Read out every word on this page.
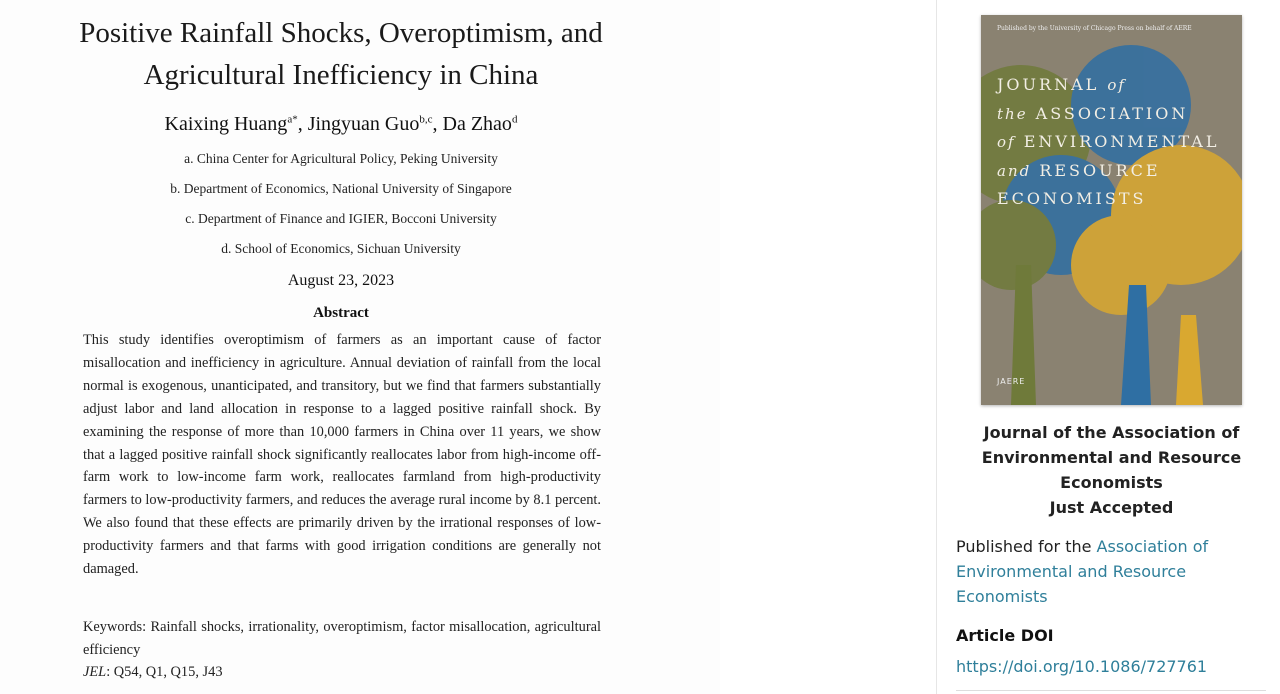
Positive Rainfall Shocks, Overoptimism, and
Agricultural Inefficiency in China
Kaixing Huang$^{a*}$, Jingyuan Guo$^{b,c}$, Da Zhao$^d$
a. China Center for Agricultural Policy, Peking University
b. Department of Economics, National University of Singapore
c. Department of Finance and IGIER, Bocconi University
d. School of Economics, Sichuan University
August 23, 2023
Abstract
This study identifies overoptimism of farmers as an important cause of factor misallocation and inefficiency in agriculture. Annual deviation of rainfall from the local normal is exogenous, unanticipated, and transitory, but we find that farmers substantially adjust labor and land allocation in response to a lagged positive rainfall shock. By examining the response of more than 10,000 farmers in China over 11 years, we show that a lagged positive rainfall shock significantly reallocates labor from high-income off-farm work to low-income farm work, reallocates farmland from high-productivity farmers to low-productivity farmers, and reduces the average rural income by 8.1 percent. We also found that these effects are primarily driven by the irrational responses of low-productivity farmers and that farms with good irrigation conditions are generally not damaged.
Keywords: Rainfall shocks, irrationality, overoptimism, factor misallocation, agricultural efficiency
JEL: Q54, Q1, Q15, J43
Published by the University of Chicago Press on behalf of AERE
JOURNAL of
the ASSOCIATION
of ENVIRONMENTAL
and RESOURCE
ECONOMISTS
JAERE
Journal of the Association of Environmental and Resource Economists
Just Accepted
Published for the Association of Environmental and Resource Economists
Article DOI
https://doi.org/10.1086/727761
